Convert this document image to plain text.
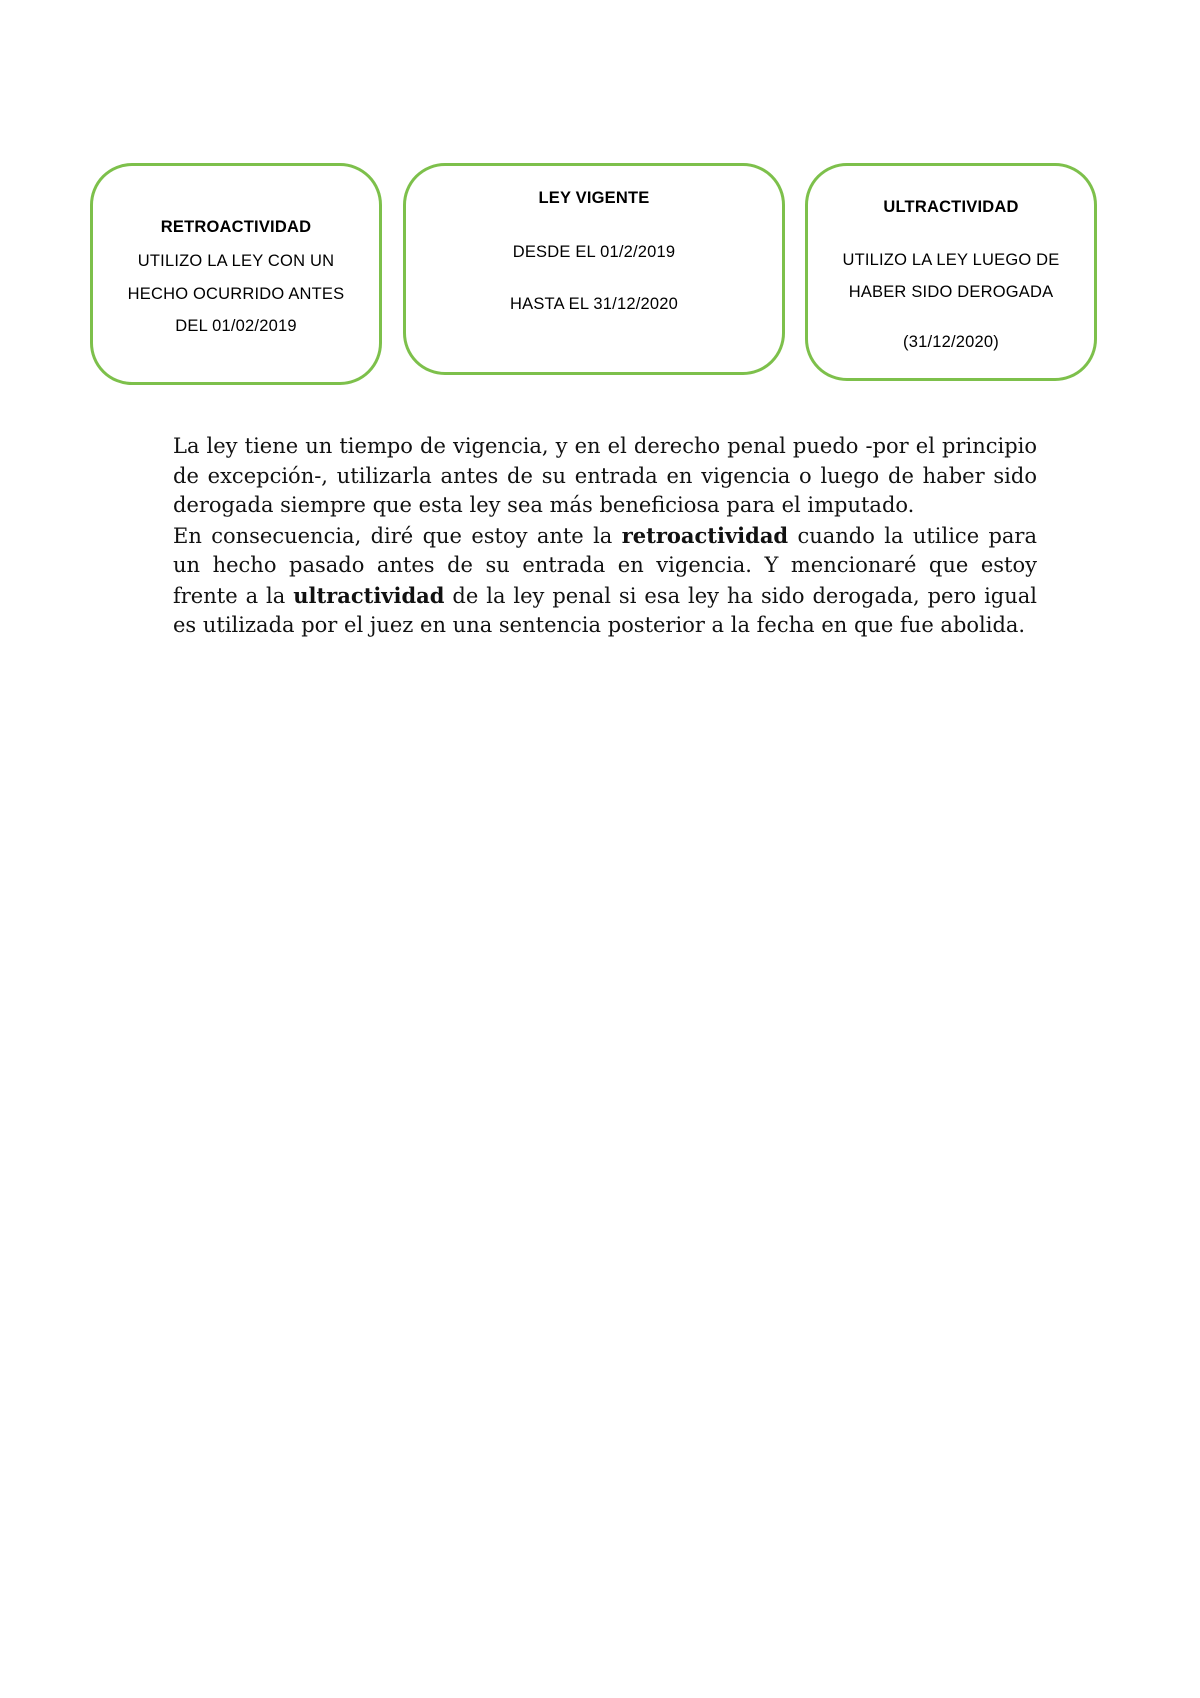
RETROACTIVIDAD
UTILIZO LA LEY CON UN
HECHO OCURRIDO ANTES
DEL 01/02/2019
LEY VIGENTE
DESDE EL 01/2/2019
HASTA EL 31/12/2020
ULTRACTIVIDAD
UTILIZO LA LEY LUEGO DE
HABER SIDO DEROGADA
(31/12/2020)

La ley tiene un tiempo de vigencia, y en el derecho penal puedo -por el principio de excepción-, utilizarla antes de su entrada en vigencia o luego de haber sido derogada siempre que esta ley sea más beneficiosa para el imputado.

En consecuencia, diré que estoy ante la retroactividad cuando la utilice para un hecho pasado antes de su entrada en vigencia. Y mencionaré que estoy frente a la ultractividad de la ley penal si esa ley ha sido derogada, pero igual es utilizada por el juez en una sentencia posterior a la fecha en que fue abolida.
